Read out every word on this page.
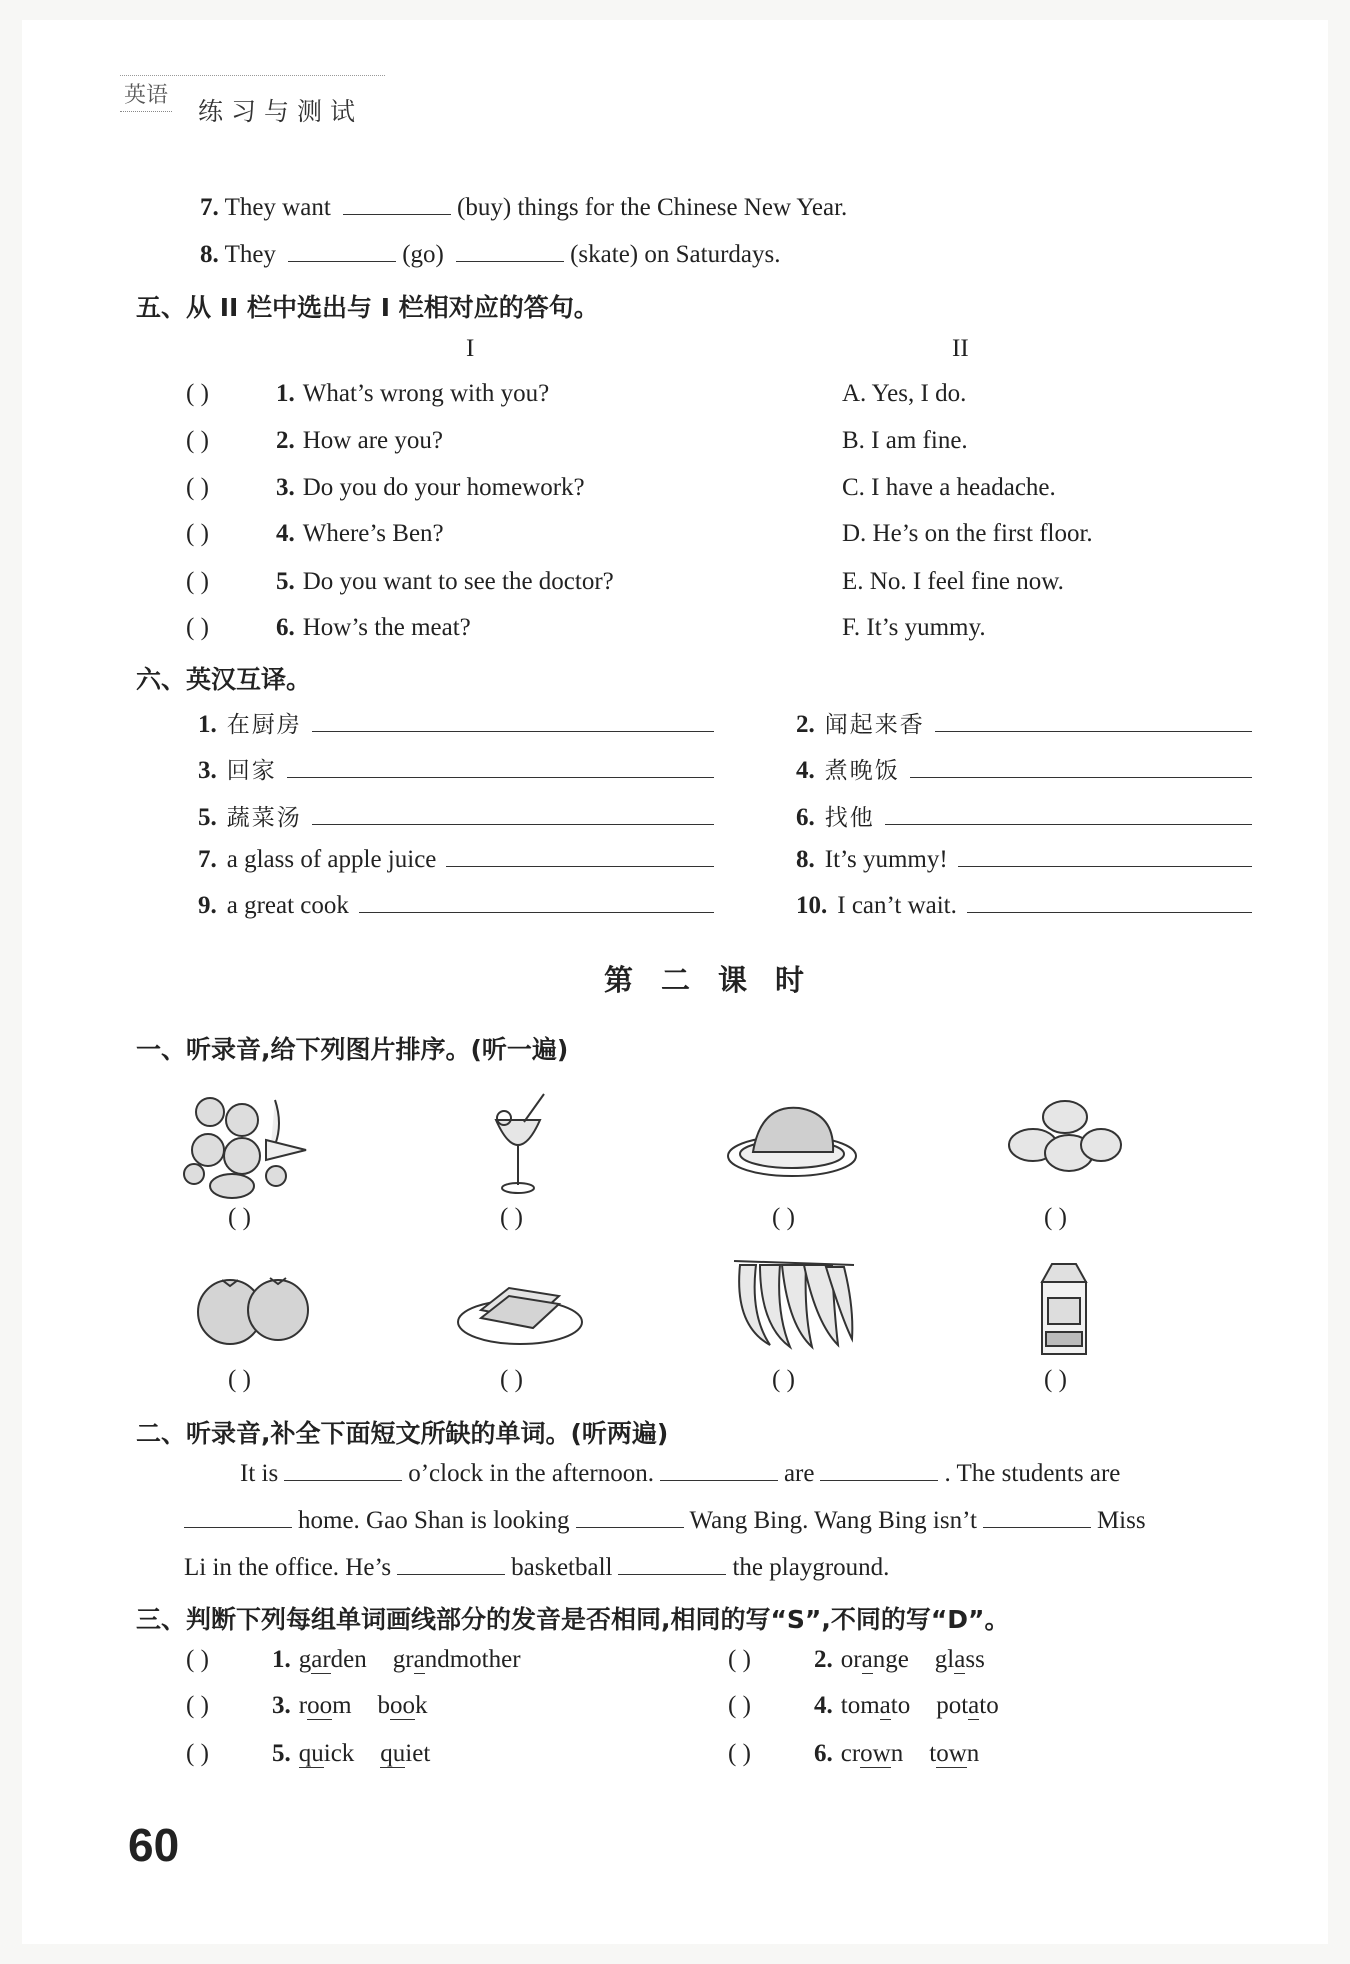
英语
练习与测试
7. They want	(buy) things for the Chinese New Year.
8. They	(go)	(skate) on Saturdays.
五、从 II 栏中选出与 I 栏相对应的答句。
I	II
( )	1. What’s wrong with you?	A. Yes, I do.
( )	2. How are you?	B. I am fine.
( )	3. Do you do your homework?	C. I have a headache.
( )	4. Where’s Ben?	D. He’s on the first floor.
( )	5. Do you want to see the doctor?	E. No. I feel fine now.
( )	6. How’s the meat?	F. It’s yummy.
六、英汉互译。
1. 在厨房	2. 闻起来香
3. 回家	4. 煮晚饭
5. 蔬菜汤	6. 找他
7. a glass of apple juice	8. It’s yummy!
9. a great cook	10. I can’t wait.
第二课时
一、听录音,给下列图片排序。(听一遍)
( )	( )	( )	( )
( )	( )	( )	( )
二、听录音,补全下面短文所缺的单词。(听两遍)
It is	o’clock in the afternoon.	are	. The students are
home. Gao Shan is looking	Wang Bing. Wang Bing isn’t	Miss
Li in the office. He’s	basketball	the playground.
三、判断下列每组单词画线部分的发音是否相同,相同的写“S”,不同的写“D”。
( )	1. garden grandmother	( )	2. orange glass
( )	3. room book	( )	4. tomato potato
( )	5. quick quiet	( )	6. crown town
60
